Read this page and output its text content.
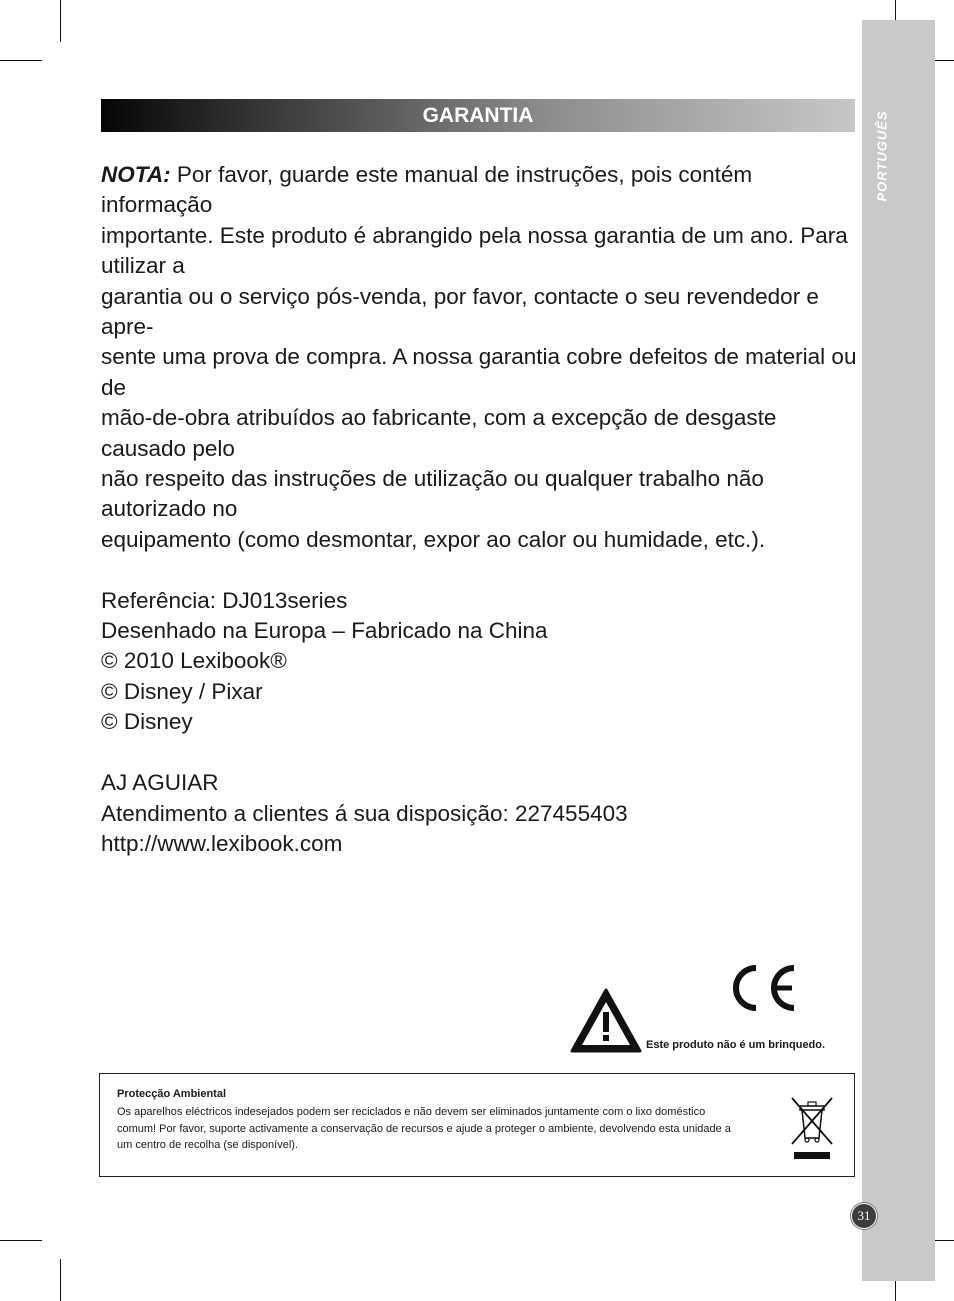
PORTUGUÊS
31
GARANTIA

NOTA: Por favor, guarde este manual de instruções, pois contém informação

importante. Este produto é abrangido pela nossa garantia de um ano. Para utilizar a

garantia ou o serviço pós-venda, por favor, contacte o seu revendedor e apre-

sente uma prova de compra. A nossa garantia cobre defeitos de material ou de

mão-de-obra atribuídos ao fabricante, com a excepção de desgaste causado pelo

não respeito das instruções de utilização ou qualquer trabalho não autorizado no

equipamento (como desmontar, expor ao calor ou humidade, etc.).

Referência: DJ013series

Desenhado na Europa – Fabricado na China

© 2010 Lexibook®

© Disney / Pixar

© Disney

AJ AGUIAR

Atendimento a clientes á sua disposição: 227455403

http://www.lexibook.com

Este produto não é um brinquedo.
Protecção Ambiental
Os aparelhos eléctricos indesejados podem ser reciclados e não devem ser eliminados juntamente com o lixo doméstico
comum! Por favor, suporte activamente a conservação de recursos e ajude a proteger o ambiente, devolvendo esta unidade a
um centro de recolha (se disponível).
